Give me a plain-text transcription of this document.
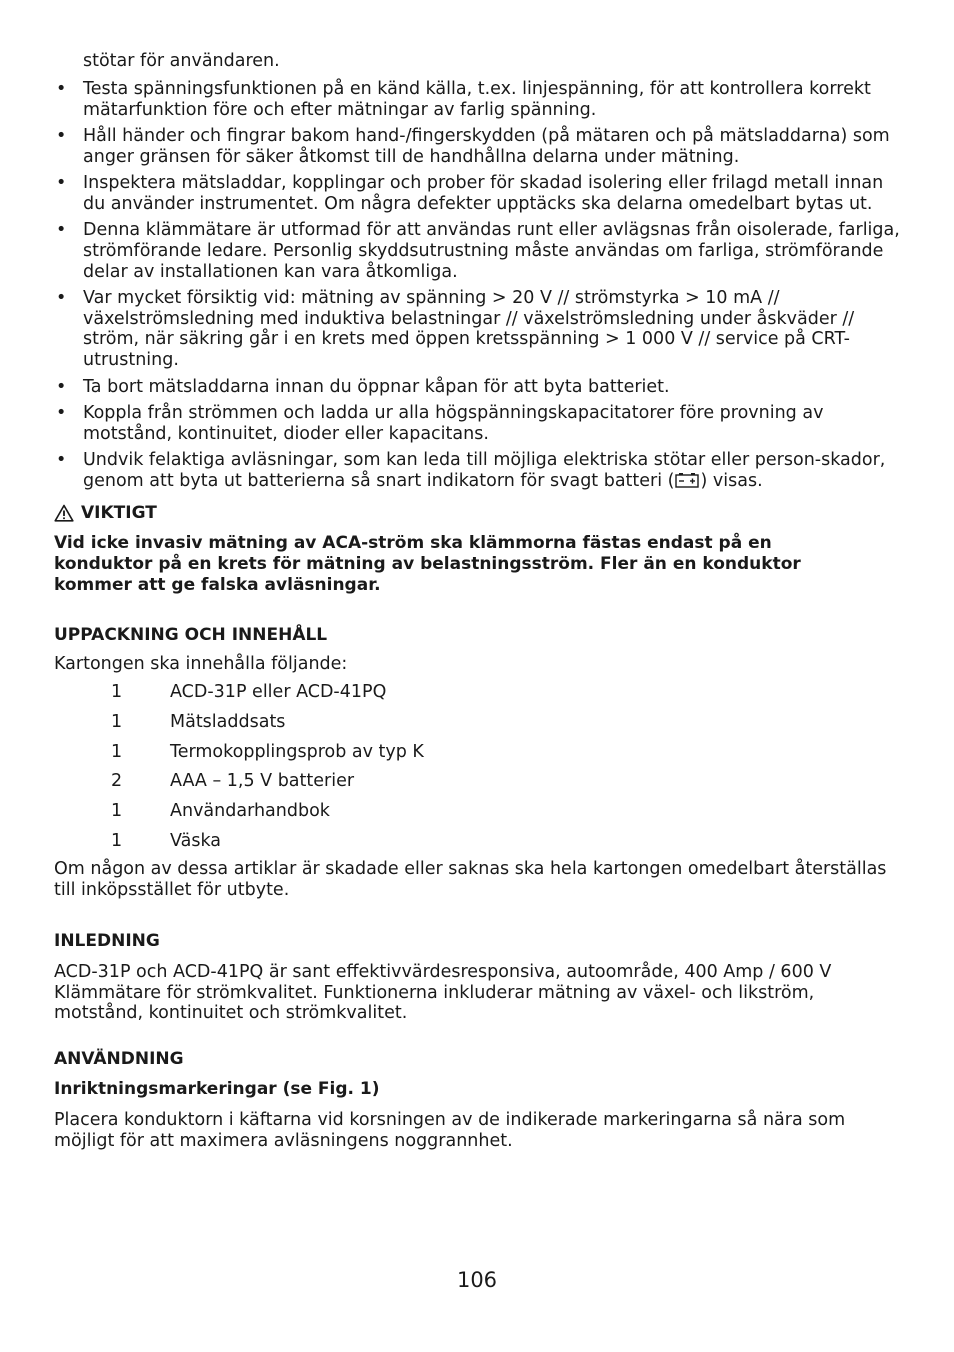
stötar för användaren.
• Testa spänningsfunktionen på en känd källa, t.ex. linjespänning, för att kontrollera korrekt mätarfunktion före och efter mätningar av farlig spänning.
• Håll händer och fingrar bakom hand-/fingerskydden (på mätaren och på mätsladdarna) som anger gränsen för säker åtkomst till de handhållna delarna under mätning.
• Inspektera mätsladdar, kopplingar och prober för skadad isolering eller frilagd metall innan du använder instrumentet. Om några defekter upptäcks ska delarna omedelbart bytas ut.
• Denna klämmätare är utformad för att användas runt eller avlägsnas från oisolerade, farliga, strömförande ledare. Personlig skyddsutrustning måste användas om farliga, strömförande delar av installationen kan vara åtkomliga.
• Var mycket försiktig vid: mätning av spänning > 20 V // strömstyrka > 10 mA // växelströmsledning med induktiva belastningar // växelströmsledning under åskväder // ström, när säkring går i en krets med öppen kretsspänning > 1 000 V // service på CRT-utrustning.
• Ta bort mätsladdarna innan du öppnar kåpan för att byta batteriet.
• Koppla från strömmen och ladda ur alla högspänningskapacitatorer före provning av motstånd, kontinuitet, dioder eller kapacitans.
• Undvik felaktiga avläsningar, som kan leda till möjliga elektriska stötar eller person-skador, genom att byta ut batterierna så snart indikatorn för svagt batteri ( ) visas.
VIKTIGT
Vid icke invasiv mätning av ACA-ström ska klämmorna fästas endast på en konduktor på en krets för mätning av belastningsström. Fler än en konduktor kommer att ge falska avläsningar.
UPPACKNING OCH INNEHÅLL
Kartongen ska innehålla följande:
1	ACD-31P eller ACD-41PQ
1	Mätsladdsats
1	Termokopplingsprob av typ K
2	AAA – 1,5 V batterier
1	Användarhandbok
1	Väska
Om någon av dessa artiklar är skadade eller saknas ska hela kartongen omedelbart återställas till inköpsstället för utbyte.
INLEDNING
ACD-31P och ACD-41PQ är sant effektivvärdesresponsiva, autoområde, 400 Amp / 600 V Klämmätare för strömkvalitet. Funktionerna inkluderar mätning av växel- och likström, motstånd, kontinuitet och strömkvalitet.
ANVÄNDNING
Inriktningsmarkeringar (se Fig. 1)
Placera konduktorn i käftarna vid korsningen av de indikerade markeringarna så nära som möjligt för att maximera avläsningens noggrannhet.
106
